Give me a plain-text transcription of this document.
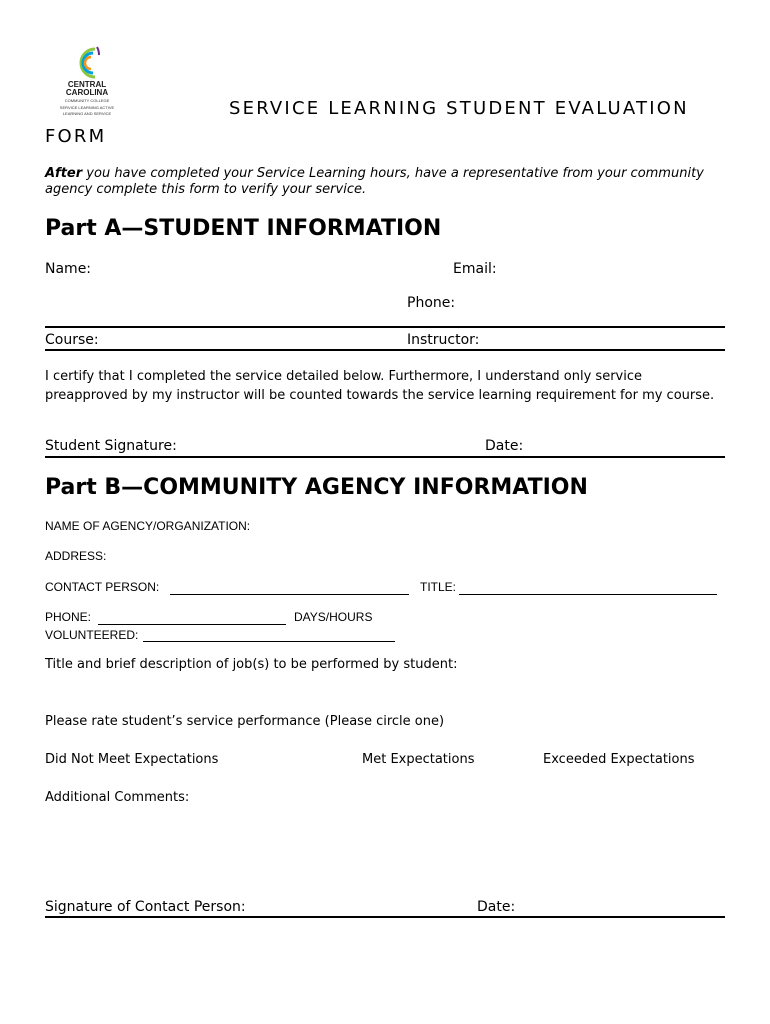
CENTRAL
CAROLINA
COMMUNITY COLLEGE
SERVICE LEARNING ACTIVE
LEARNING AND SERVICE	SERVICE LEARNING STUDENT EVALUATION
FORM
After you have completed your Service Learning hours, have a representative from your community agency complete this form to verify your service.
Part A—STUDENT INFORMATION
Name:	Email:
Phone:
Course:	Instructor:
I certify that I completed the service detailed below. Furthermore, I understand only service preapproved by my instructor will be counted towards the service learning requirement for my course.
Student Signature:	Date:
Part B—COMMUNITY AGENCY INFORMATION
NAME OF AGENCY/ORGANIZATION:
ADDRESS:
CONTACT PERSON:	TITLE:
PHONE:	DAYS/HOURS
VOLUNTEERED:
Title and brief description of job(s) to be performed by student:
Please rate student’s service performance (Please circle one)
Did Not Meet Expectations	Met Expectations	Exceeded Expectations
Additional Comments:
Signature of Contact Person:	Date:
